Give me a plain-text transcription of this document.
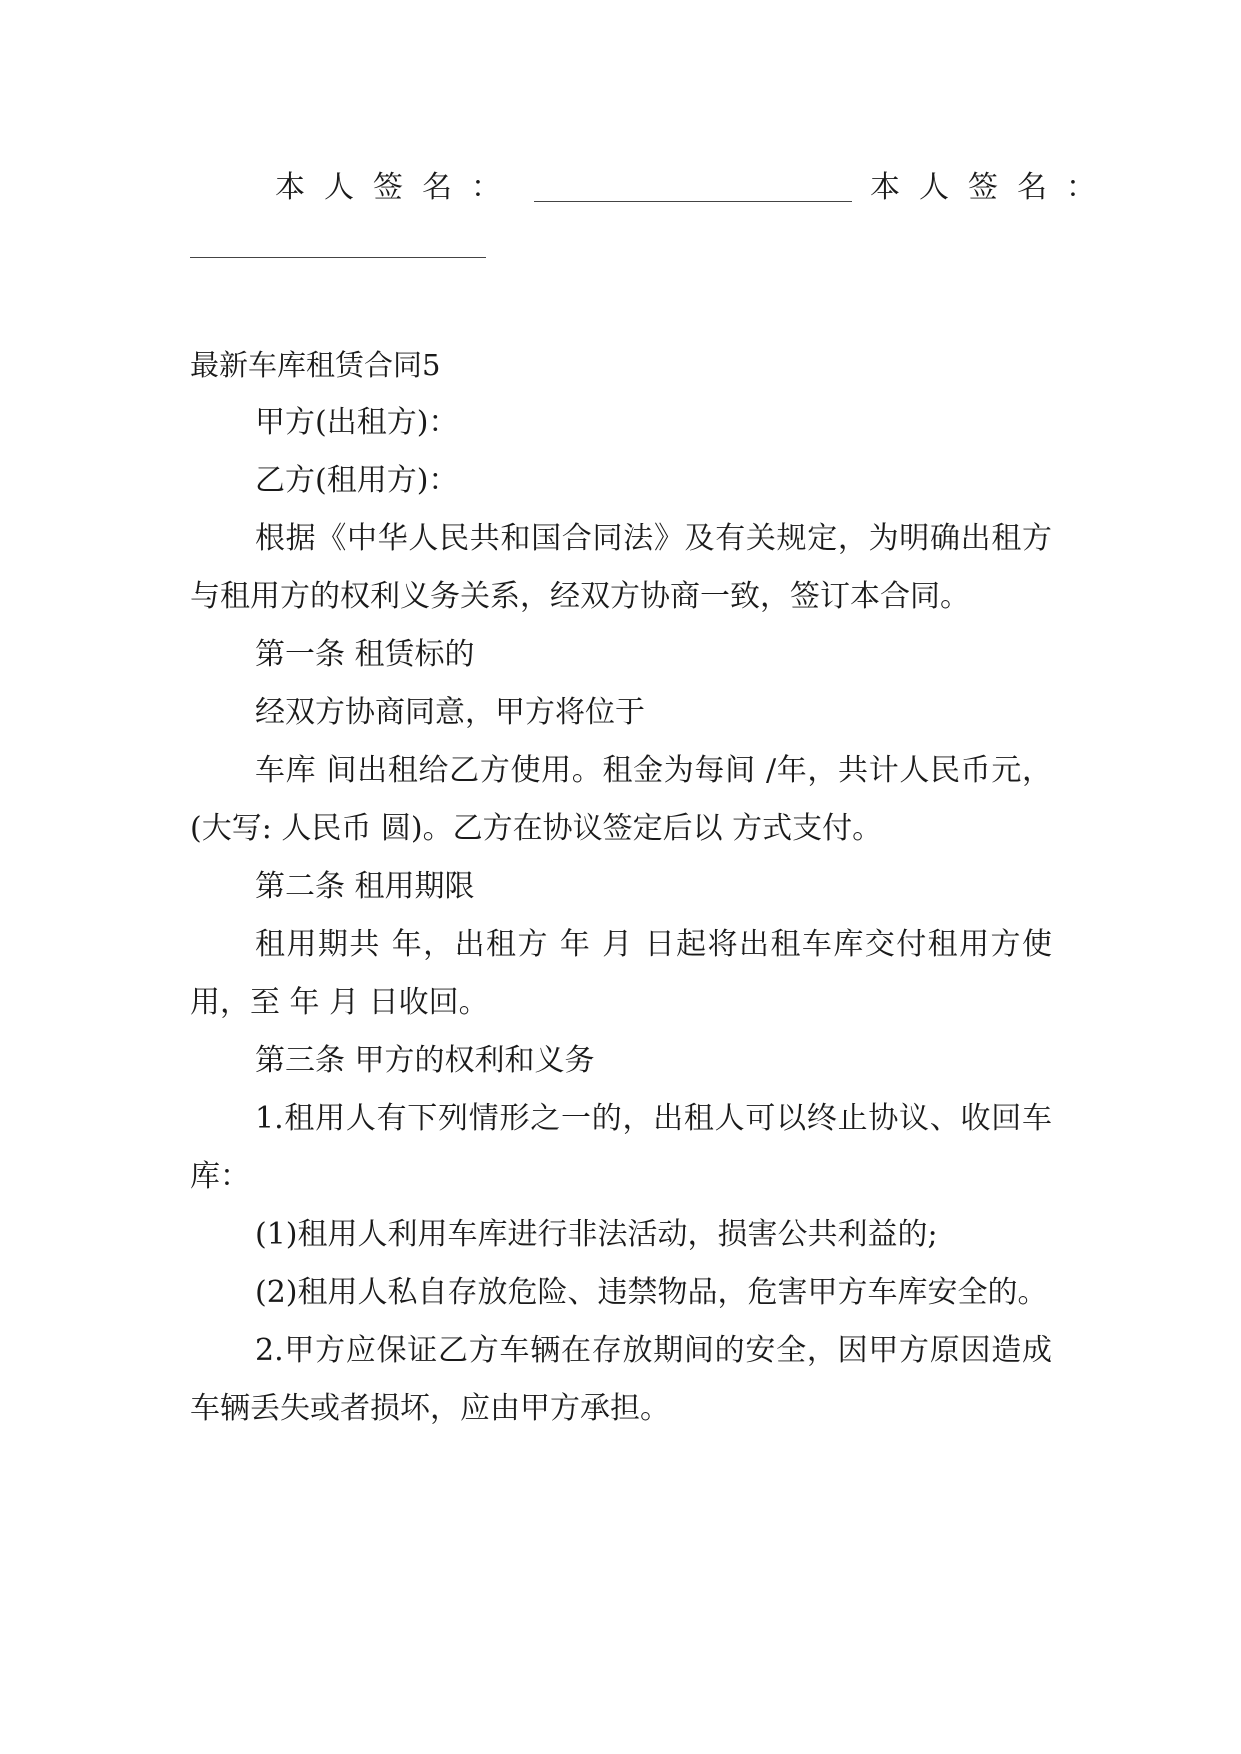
本人签名：	本人签名：

最新车库租赁合同5

甲方(出租方)：

乙方(租用方)：

根据《中华人民共和国合同法》及有关规定，为明确出租方与租用方的权利义务关系，经双方协商一致，签订本合同。

第一条 租赁标的

经双方协商同意，甲方将位于

车库 间出租给乙方使用。租金为每间 /年，共计人民币元，(大写: 人民币 圆)。乙方在协议签定后以 方式支付。

第二条 租用期限

租用期共 年，出租方 年 月 日起将出租车库交付租用方使用，至 年 月 日收回。

第三条 甲方的权利和义务

1.租用人有下列情形之一的，出租人可以终止协议、收回车库：

(1)租用人利用车库进行非法活动，损害公共利益的;

(2)租用人私自存放危险、违禁物品，危害甲方车库安全的。

2.甲方应保证乙方车辆在存放期间的安全，因甲方原因造成车辆丢失或者损坏，应由甲方承担。
